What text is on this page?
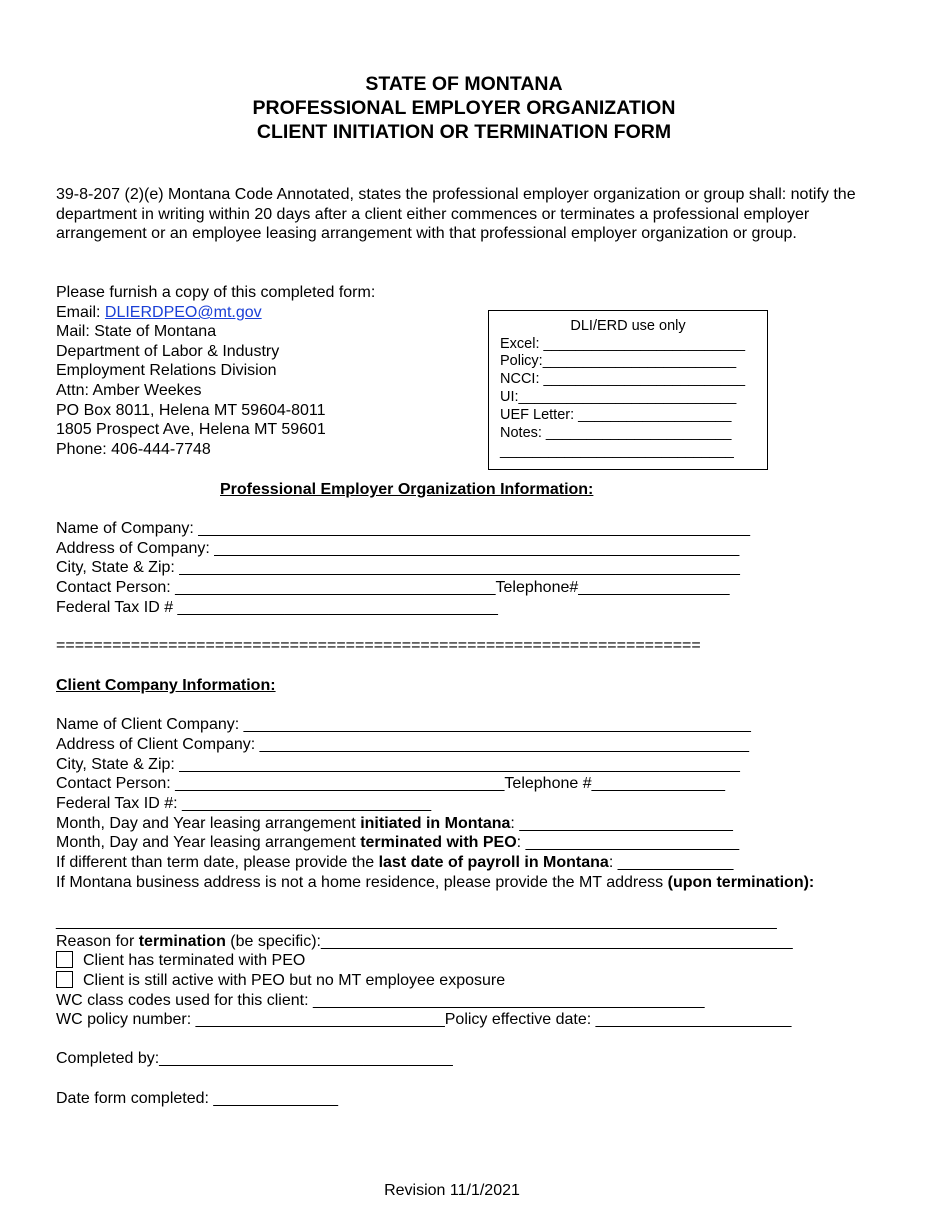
STATE OF MONTANA
PROFESSIONAL EMPLOYER ORGANIZATION
CLIENT INITIATION OR TERMINATION FORM
39-8-207 (2)(e) Montana Code Annotated, states the professional employer organization or group shall: notify the department in writing within 20 days after a client either commences or terminates a professional employer arrangement or an employee leasing arrangement with that professional employer organization or group.
Please furnish a copy of this completed form:
Email: DLIERDPEO@mt.gov
Mail: State of Montana
Department of Labor & Industry
Employment Relations Division
Attn: Amber Weekes
PO Box 8011, Helena MT 59604-8011
1805 Prospect Ave, Helena MT 59601
Phone: 406-444-7748
DLI/ERD use only
Excel: _________________________
Policy:________________________
NCCI: _________________________
UI:___________________________
UEF Letter: ___________________
Notes: _______________________
_____________________________
Professional Employer Organization Information:
Name of Company: ______________________________________________________________
Address of Company: ___________________________________________________________
City, State & Zip: _______________________________________________________________
Contact Person: ____________________________________Telephone#_________________
Federal Tax ID # ____________________________________
=====================================================================
Client Company Information:
Name of Client Company: _________________________________________________________
Address of Client Company: _______________________________________________________
City, State & Zip: _______________________________________________________________
Contact Person: _____________________________________Telephone #_______________
Federal Tax ID #: ____________________________
Month, Day and Year leasing arrangement initiated in Montana: ________________________
Month, Day and Year leasing arrangement terminated with PEO: ________________________
If different than term date, please provide the last date of payroll in Montana: _____________
If Montana business address is not a home residence, please provide the MT address (upon termination):
_________________________________________________________________________________
Reason for termination (be specific):_____________________________________________________
Client has terminated with PEO
Client is still active with PEO but no MT employee exposure
WC class codes used for this client: ____________________________________________
WC policy number: ____________________________Policy effective date: ______________________
Completed by:_________________________________
Date form completed: ______________
Revision 11/1/2021
